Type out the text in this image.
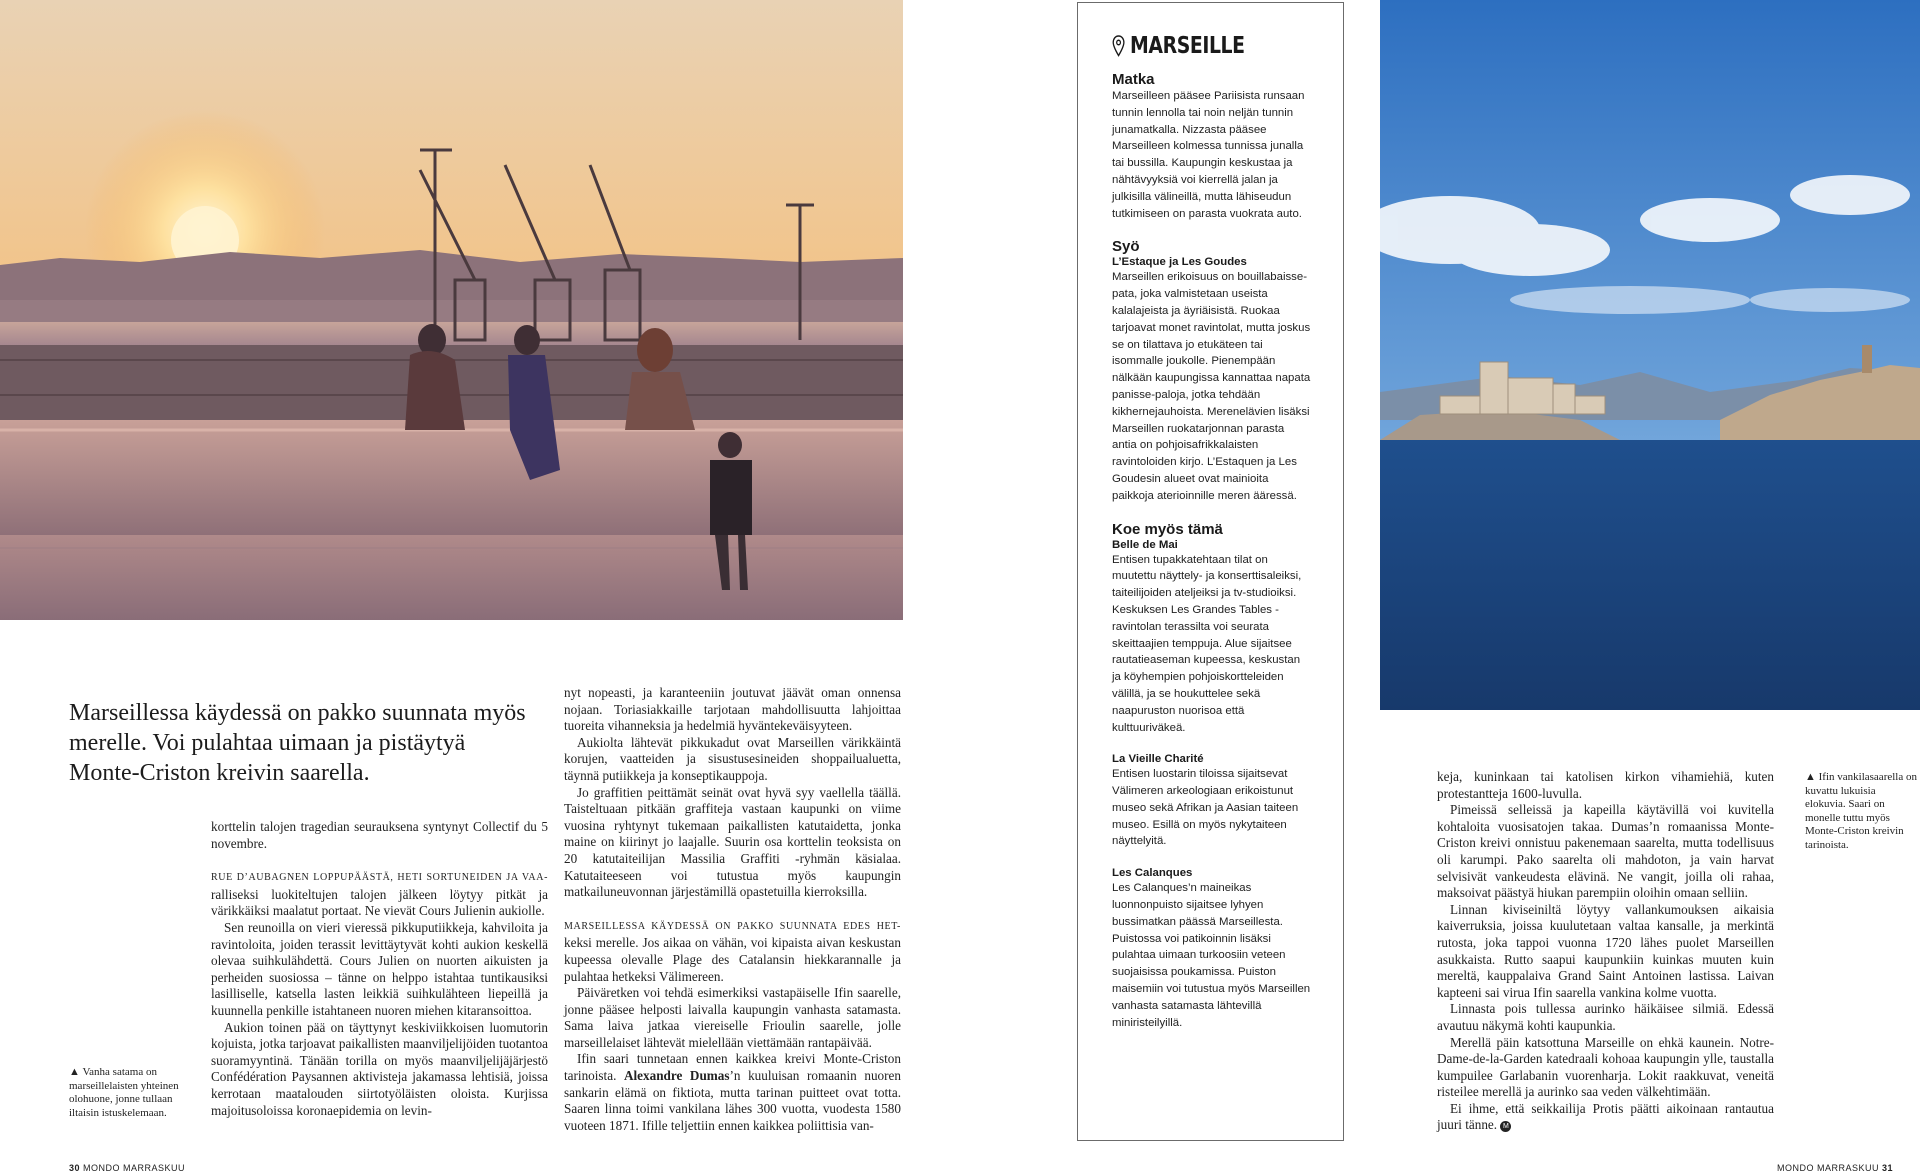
Marseillessa käydessä on pakko suunnata myös merelle. Voi pulahtaa uimaan ja pistäytyä Monte-Criston kreivin saarella.

korttelin talojen tragedian seurauksena syntynyt Collectif du 5 novembre.

RUE D’AUBAGNEN LOPPUPÄÄSTÄ, HETI SORTUNEIDEN JA VAA-ralliseksi luokiteltujen talojen jälkeen löytyy pitkät ja värikkäiksi maalatut portaat. Ne vievät Cours Julienin aukiolle.

Sen reunoilla on vieri vieressä pikkuputiikkeja, kahviloita ja ravintoloita, joiden terassit levittäytyvät kohti aukion keskellä olevaa suihkulähdettä. Cours Julien on nuorten aikuisten ja perheiden suosiossa – tänne on helppo istahtaa tuntikausiksi lasilliselle, katsella lasten leikkiä suihkulähteen liepeillä ja kuunnella penkille istahtaneen nuoren miehen kitaransoittoa.

Aukion toinen pää on täyttynyt keskiviikkoisen luomutorin kojuista, jotka tarjoavat paikallisten maanviljelijöiden tuotantoa suoramyyntinä. Tänään torilla on myös maanviljelijäjärjestö Confédération Paysannen aktivisteja jakamassa lehtisiä, joissa kerrotaan maatalouden siirtotyöläisten oloista. Kurjissa majoitusoloissa koronaepidemia on levin-

nyt nopeasti, ja karanteeniin joutuvat jäävät oman onnensa nojaan. Toriasiakkaille tarjotaan mahdollisuutta lahjoittaa tuoreita vihanneksia ja hedelmiä hyväntekeväisyyteen.

Aukiolta lähtevät pikkukadut ovat Marseillen värikkäintä korujen, vaatteiden ja sisustusesineiden shoppailualuetta, täynnä putiikkeja ja konseptikauppoja.

Jo graffitien peittämät seinät ovat hyvä syy vaellella täällä. Taisteltuaan pitkään graffiteja vastaan kaupunki on viime vuosina ryhtynyt tukemaan paikallisten katutaidetta, jonka maine on kiirinyt jo laajalle. Suurin osa korttelin teoksista on 20 katutaiteilijan Massilia Graffiti -ryhmän käsialaa. Katutaiteeseen voi tutustua myös kaupungin matkailuneuvonnan järjestämillä opastetuilla kierroksilla.

MARSEILLESSA KÄYDESSÄ ON PAKKO SUUNNATA EDES HET-keksi merelle. Jos aikaa on vähän, voi kipaista aivan keskustan kupeessa olevalle Plage des Catalansin hiekkarannalle ja pulahtaa hetkeksi Välimereen.

Päiväretken voi tehdä esimerkiksi vastapäiselle Ifin saarelle, jonne pääsee helposti laivalla kaupungin vanhasta satamasta. Sama laiva jatkaa viereiselle Frioulin saarelle, jolle marseillelaiset lähtevät mielellään viettämään rantapäivää.

Ifin saari tunnetaan ennen kaikkea kreivi Monte-Criston tarinoista. Alexandre Dumas’n kuuluisan romaanin nuoren sankarin elämä on fiktiota, mutta tarinan puitteet ovat totta. Saaren linna toimi vankilana lähes 300 vuotta, vuodesta 1580 vuoteen 1871. Ifille teljettiin ennen kaikkea poliittisia van-

keja, kuninkaan tai katolisen kirkon vihamiehiä, kuten protestantteja 1600-luvulla.

Pimeissä selleissä ja kapeilla käytävillä voi kuvitella kohtaloita vuosisatojen takaa. Dumas’n romaanissa Monte-Criston kreivi onnistuu pakenemaan saarelta, mutta todellisuus oli karumpi. Pako saarelta oli mahdoton, ja vain harvat selvisivät vankeudesta elävinä. Ne vangit, joilla oli rahaa, maksoivat päästyä hiukan parempiin oloihin omaan selliin.

Linnan kiviseiniltä löytyy vallankumouksen aikaisia kaiverruksia, joissa kuulutetaan valtaa kansalle, ja merkintä rutosta, joka tappoi vuonna 1720 lähes puolet Marseillen asukkaista. Rutto saapui kaupunkiin kuinkas muuten kuin mereltä, kauppalaiva Grand Saint Antoinen lastissa. Laivan kapteeni sai virua Ifin saarella vankina kolme vuotta.

Linnasta pois tullessa aurinko häikäisee silmiä. Edessä avautuu näkymä kohti kaupunkia.

Merellä päin katsottuna Marseille on ehkä kaunein. Notre-Dame-de-la-Garden katedraali kohoaa kaupungin ylle, taustalla kumpuilee Garlabanin vuorenharja. Lokit raakkuvat, veneitä risteilee merellä ja aurinko saa veden välkehtimään.

Ei ihme, että seikkailija Protis päätti aikoinaan rantautua juuri tänne. M

▲ Vanha satama on marseillelaisten yhteinen olohuone, jonne tullaan iltaisin istuskelemaan.
▲ Ifin vankilasaarella on kuvattu lukuisia elokuvia. Saari on monelle tuttu myös Monte-Criston kreivin tarinoista.
30 MONDO MARRASKUU	MONDO MARRASKUU 31
MARSEILLE
Matka
Marseilleen pääsee Pariisista runsaan tunnin lennolla tai noin neljän tunnin junamatkalla. Nizzasta pääsee Marseilleen kolmessa tunnissa junalla tai bussilla. Kaupungin keskustaa ja nähtävyyksiä voi kierrellä jalan ja julkisilla välineillä, mutta lähiseudun tutkimiseen on parasta vuokrata auto.
Syö
L’Estaque ja Les Goudes
Marseillen erikoisuus on bouillabaisse-pata, joka valmistetaan useista kalalajeista ja äyriäisistä. Ruokaa tarjoavat monet ravintolat, mutta joskus se on tilattava jo etukäteen tai isommalle joukolle. Pienempään nälkään kaupungissa kannattaa napata panisse-paloja, jotka tehdään kikhernejauhoista. Merenelävien lisäksi Marseillen ruokatarjonnan parasta antia on pohjoisafrikkalaisten ravintoloiden kirjo. L’Estaquen ja Les Goudesin alueet ovat mainioita paikkoja aterioinnille meren ääressä.
Koe myös tämä
Belle de Mai
Entisen tupakkatehtaan tilat on muutettu näyttely- ja konserttisaleiksi, taiteilijoiden ateljeiksi ja tv-studioiksi. Keskuksen Les Grandes Tables -ravintolan terassilta voi seurata skeittaajien temppuja. Alue sijaitsee rautatieaseman kupeessa, keskustan ja köyhempien pohjoiskortteleiden välillä, ja se houkuttelee sekä naapuruston nuorisoa että kulttuuriväkeä.
La Vieille Charité
Entisen luostarin tiloissa sijaitsevat Välimeren arkeologiaan erikoistunut museo sekä Afrikan ja Aasian taiteen museo. Esillä on myös nykytaiteen näyttelyitä.
Les Calanques
Les Calanques’n maineikas luonnonpuisto sijaitsee lyhyen bussimatkan päässä Marseillesta. Puistossa voi patikoinnin lisäksi pulahtaa uimaan turkoosiin veteen suojaisissa poukamissa. Puiston maisemiin voi tutustua myös Marseillen vanhasta satamasta lähtevillä miniristeilyillä.
